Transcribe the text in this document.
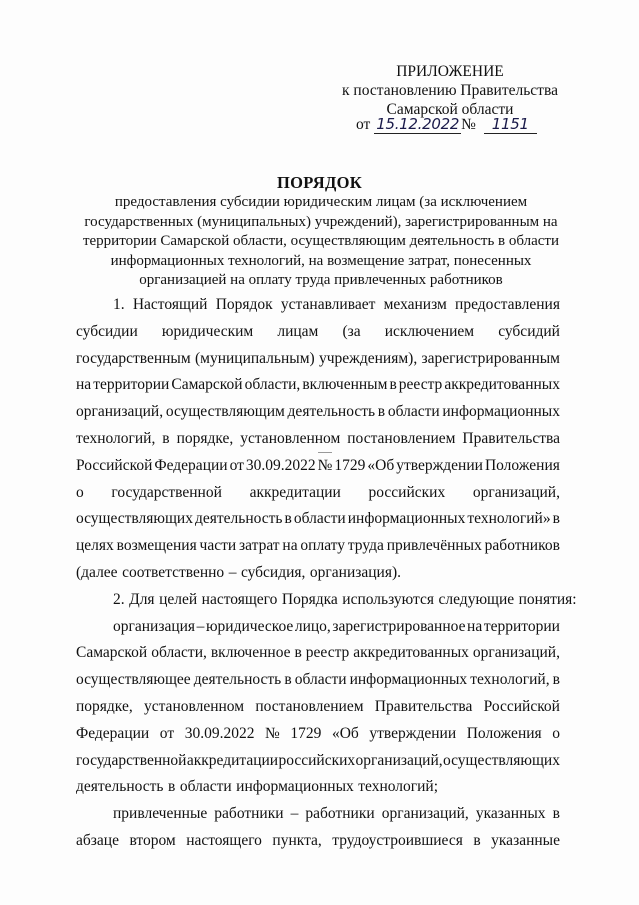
ПРИЛОЖЕНИЕ
к постановлению Правительства
Самарской области
от 15.12.2022 № 1151
ПОРЯДОК
предоставления субсидии юридическим лицам (за исключением
государственных (муниципальных) учреждений), зарегистрированным на
территории Самарской области, осуществляющим деятельность в области
информационных технологий, на возмещение затрат, понесенных
организацией на оплату труда привлеченных работников
1. Настоящий Порядок устанавливает механизм предоставления
субсидии юридическим лицам (за исключением субсидий
государственным (муниципальным) учреждениям), зарегистрированным
на территории Самарской области, включенным в реестр аккредитованных
организаций, осуществляющим деятельность в области информационных
технологий, в порядке, установленном постановлением Правительства
Российской Федерации от 30.09.2022 № 1729 «Об утверждении Положения
о государственной аккредитации российских организаций,
осуществляющих деятельность в области информационных технологий» в
целях возмещения части затрат на оплату труда привлечённых работников
(далее соответственно – субсидия, организация).
2. Для целей настоящего Порядка используются следующие понятия:
организация – юридическое лицо, зарегистрированное на территории
Самарской области, включенное в реестр аккредитованных организаций,
осуществляющее деятельность в области информационных технологий, в
порядке, установленном постановлением Правительства Российской
Федерации от 30.09.2022 № 1729 «Об утверждении Положения о
государственной аккредитации российских организаций, осуществляющих
деятельность в области информационных технологий;
привлеченные работники – работники организаций, указанных в
абзаце втором настоящего пункта, трудоустроившиеся в указанные
